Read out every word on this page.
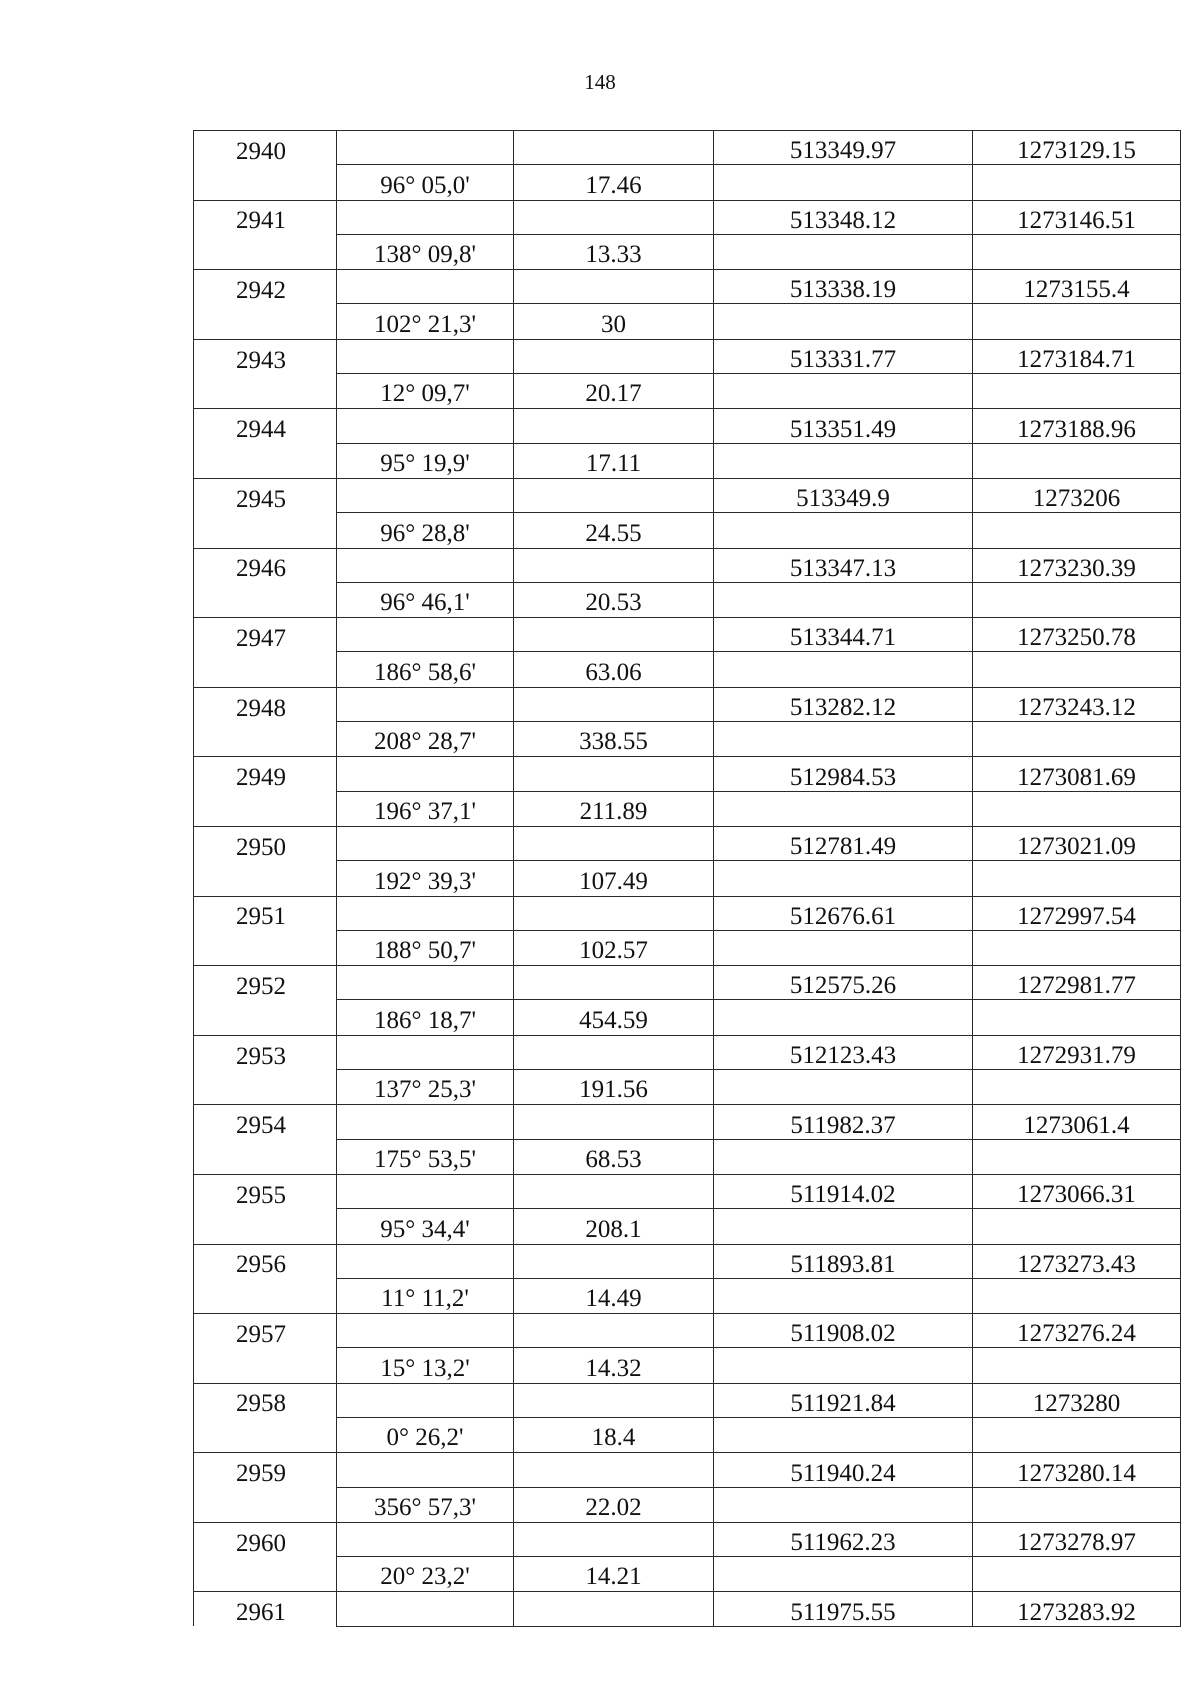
148
2940			513349.97	1273129.15
	96° 05,0'	17.46		
2941			513348.12	1273146.51
	138° 09,8'	13.33		
2942			513338.19	1273155.4
	102° 21,3'	30		
2943			513331.77	1273184.71
	12° 09,7'	20.17		
2944			513351.49	1273188.96
	95° 19,9'	17.11		
2945			513349.9	1273206
	96° 28,8'	24.55		
2946			513347.13	1273230.39
	96° 46,1'	20.53		
2947			513344.71	1273250.78
	186° 58,6'	63.06		
2948			513282.12	1273243.12
	208° 28,7'	338.55		
2949			512984.53	1273081.69
	196° 37,1'	211.89		
2950			512781.49	1273021.09
	192° 39,3'	107.49		
2951			512676.61	1272997.54
	188° 50,7'	102.57		
2952			512575.26	1272981.77
	186° 18,7'	454.59		
2953			512123.43	1272931.79
	137° 25,3'	191.56		
2954			511982.37	1273061.4
	175° 53,5'	68.53		
2955			511914.02	1273066.31
	95° 34,4'	208.1		
2956			511893.81	1273273.43
	11° 11,2'	14.49		
2957			511908.02	1273276.24
	15° 13,2'	14.32		
2958			511921.84	1273280
	0° 26,2'	18.4		
2959			511940.24	1273280.14
	356° 57,3'	22.02		
2960			511962.23	1273278.97
	20° 23,2'	14.21		
2961			511975.55	1273283.92
